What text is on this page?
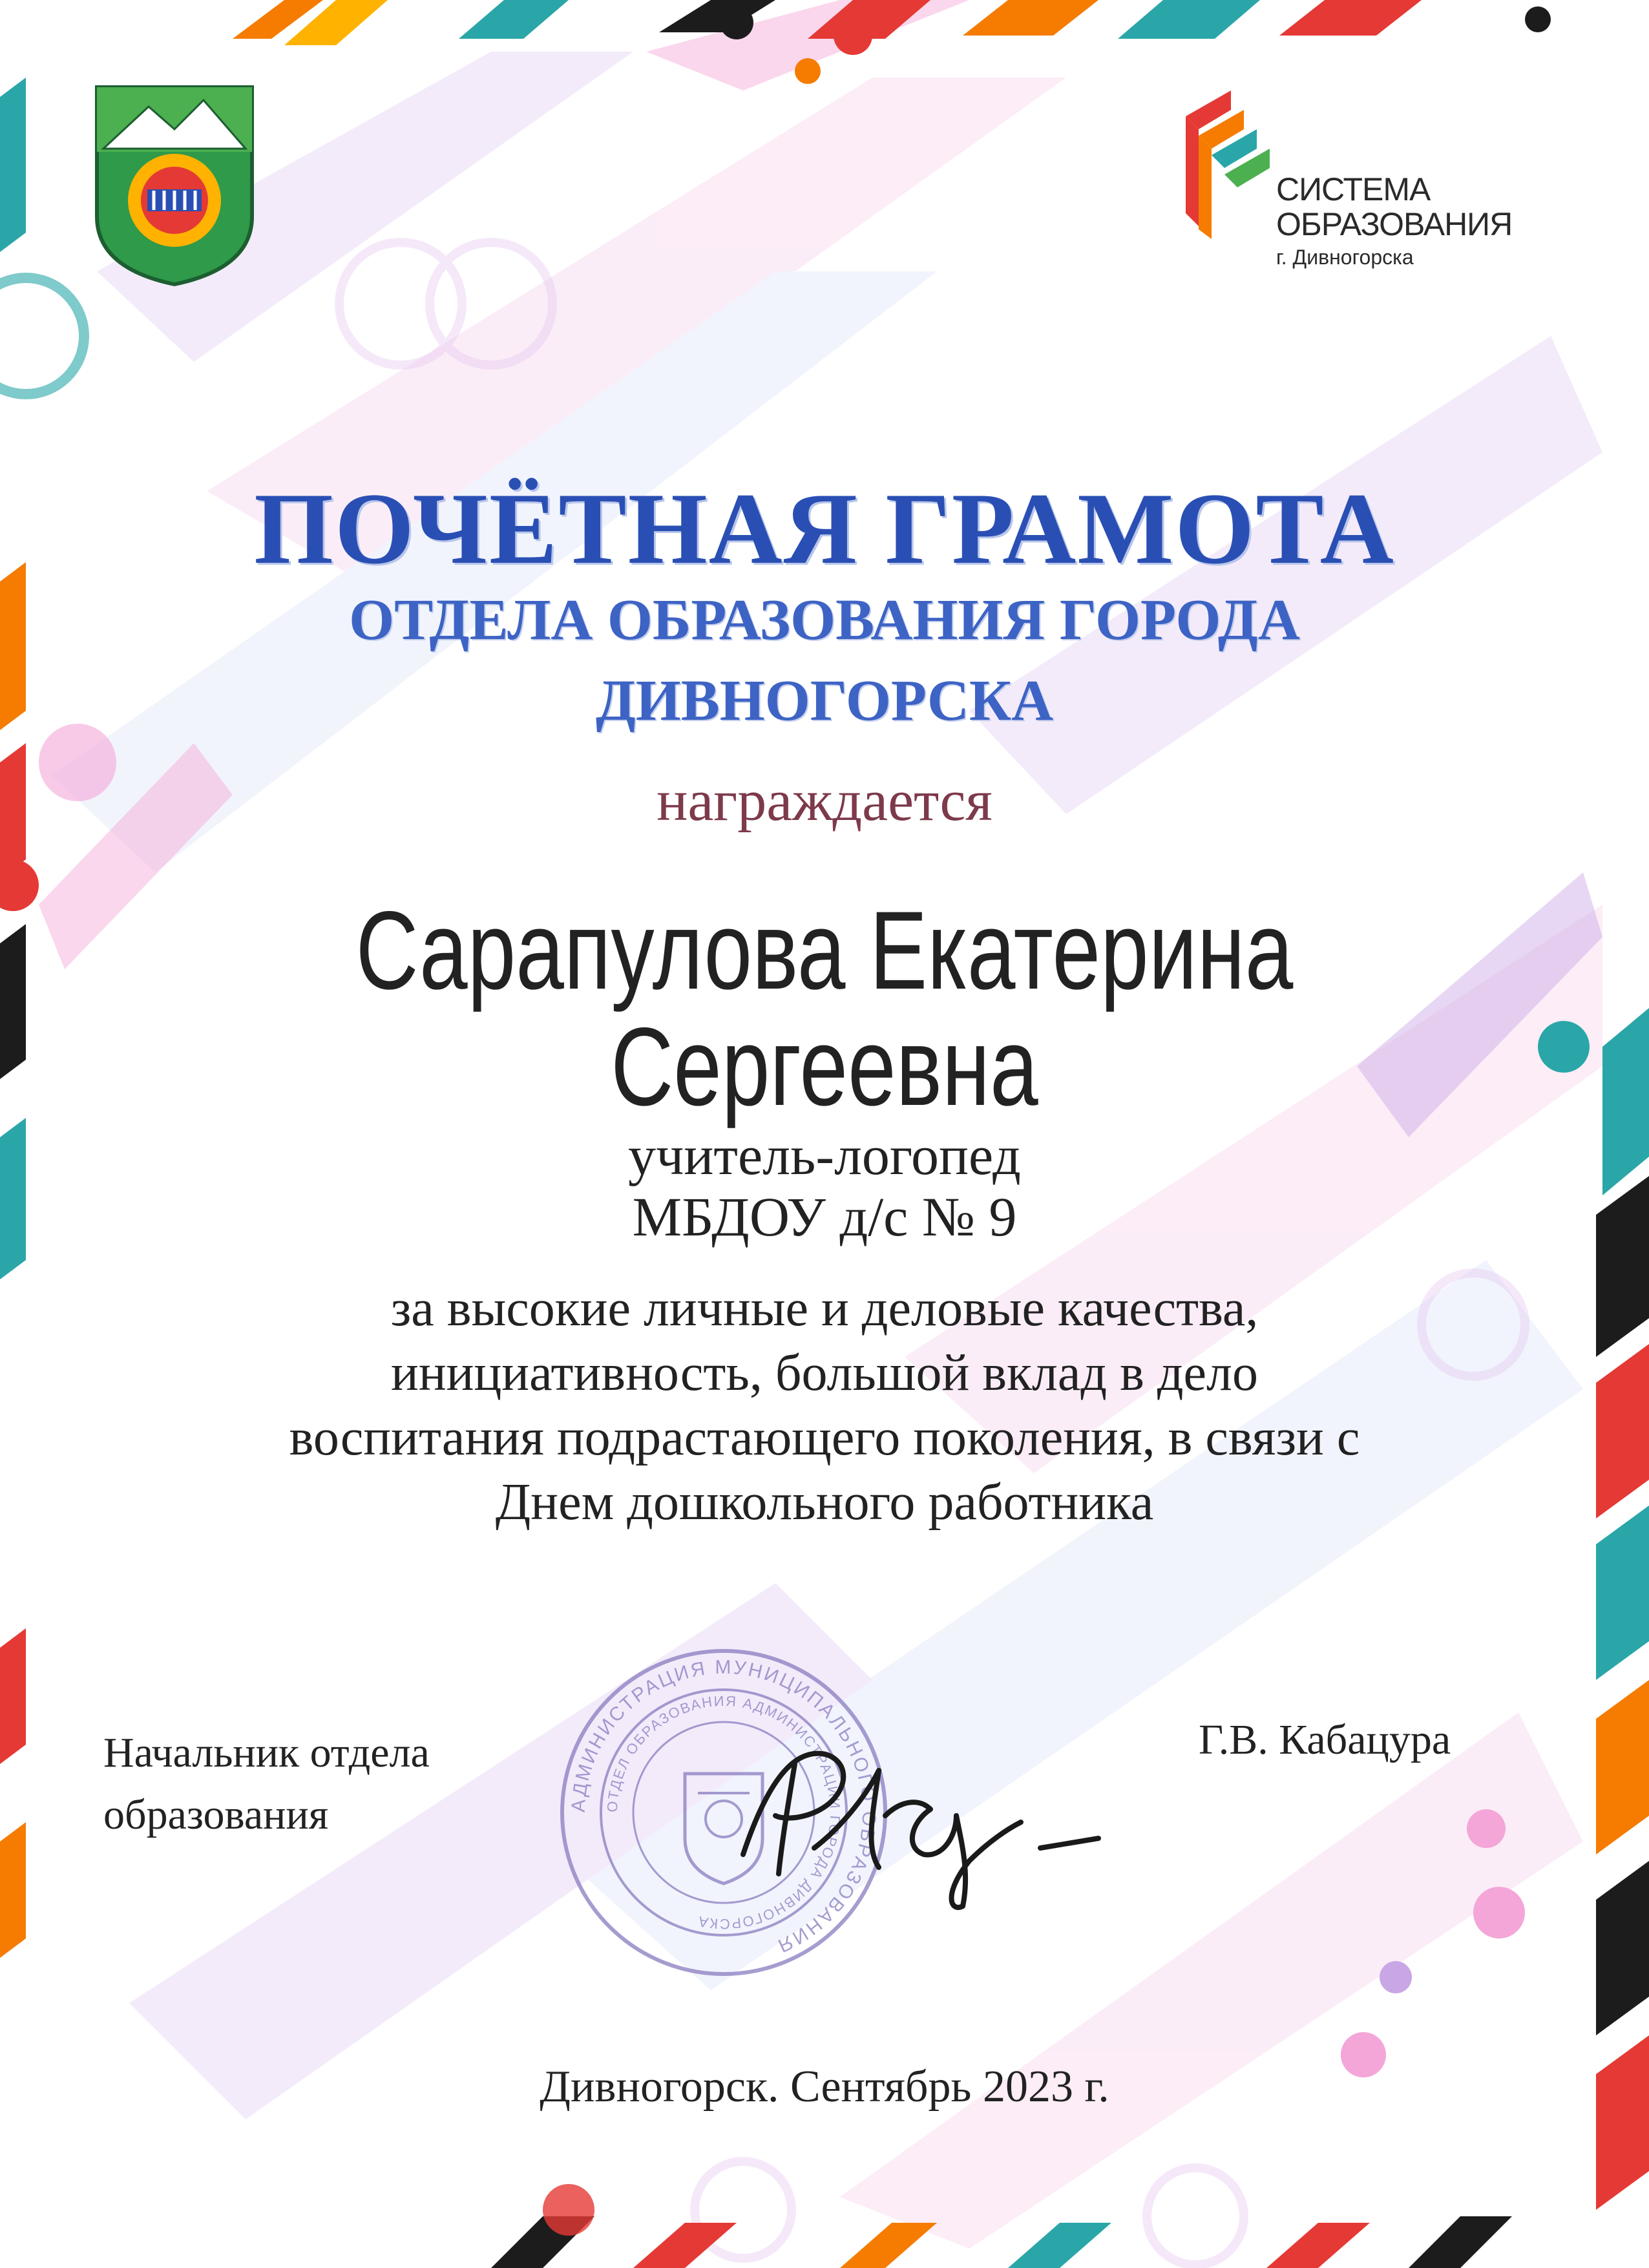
СИСТЕМА
ОБРАЗОВАНИЯ
г. Дивногорска
ПОЧЁТНАЯ ГРАМОТА
ОТДЕЛА ОБРАЗОВАНИЯ ГОРОДА
ДИВНОГОРСКА
награждается
Сарапулова Екатерина
Сергеевна
учитель-логопед
МБДОУ д/с № 9
за высокие личные и деловые качества,
инициативность, большой вклад в дело
воспитания подрастающего поколения, в связи с
Днем дошкольного работника
Начальник отдела
образования	АДМИНИСТРАЦИЯ МУНИЦИПАЛЬНОГО ОБРАЗОВАНИЯ
ОТДЕЛ ОБРАЗОВАНИЯ АДМИНИСТРАЦИИ ГОРОДА ДИВНОГОРСКА
Г.В. Кабацура
Дивногорск. Сентябрь 2023 г.
